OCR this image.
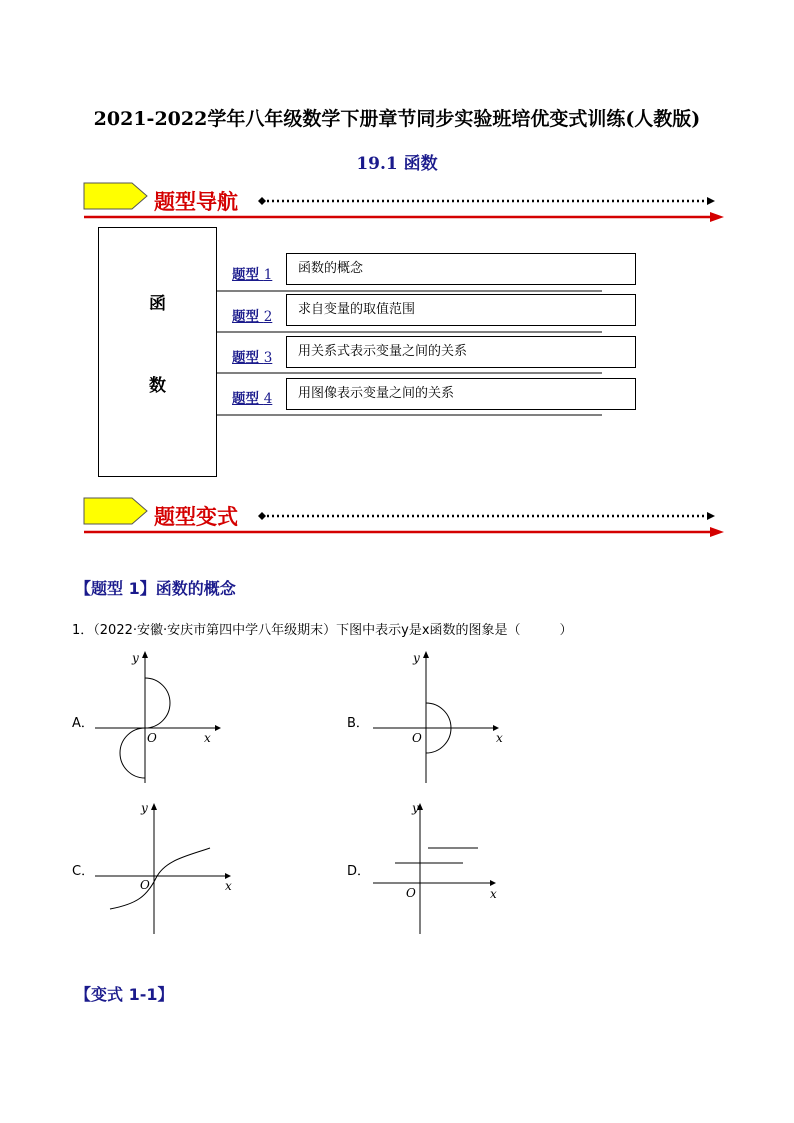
2021-2022学年八年级数学下册章节同步实验班培优变式训练(人教版)
19.1 函数
题型导航
函
数
题型 1	函数的概念
题型 2	求自变量的取值范围
题型 3	用关系式表示变量之间的关系
题型 4	用图像表示变量之间的关系
题型变式
【题型 1】函数的概念
1．（2022·安徽·安庆市第四中学八年级期末）下图中表示y是x函数的图象是（　　　）
A．
y
x
O
B．
y
x
O
C．
y
x
O
D．
y
x
O
【变式 1-1】
